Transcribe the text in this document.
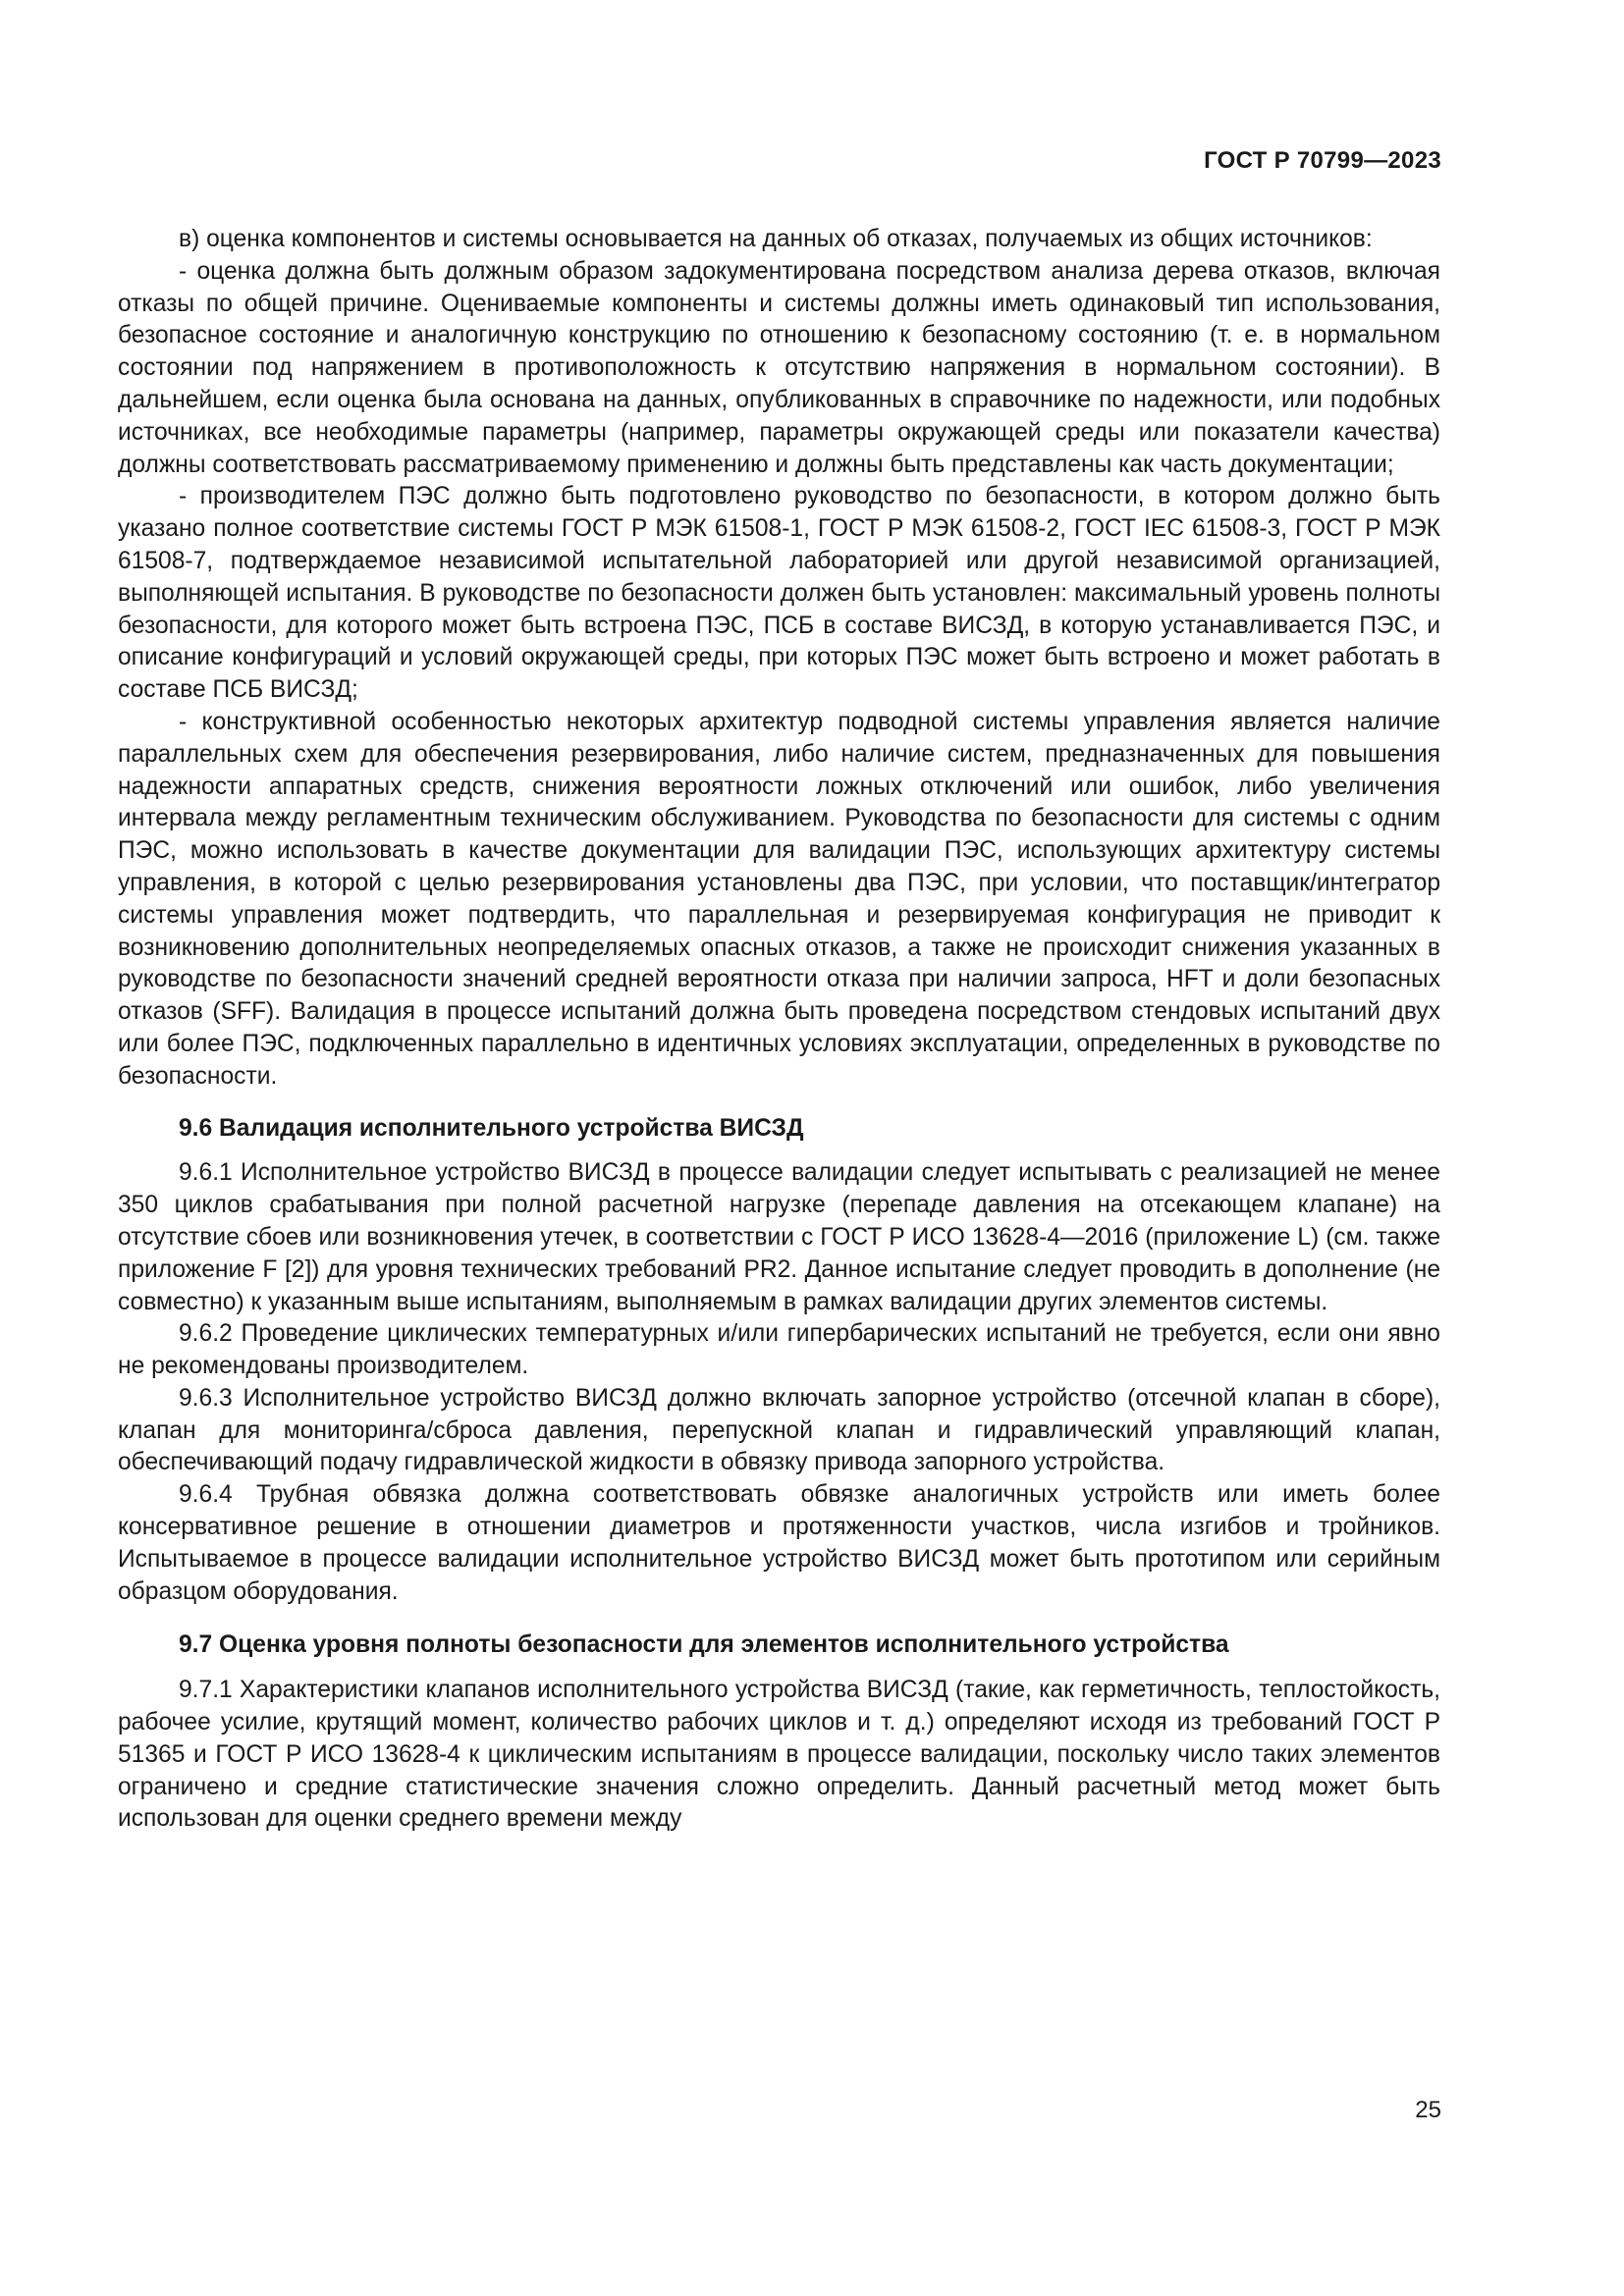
ГОСТ Р 70799—2023

в) оценка компонентов и системы основывается на данных об отказах, получаемых из общих источников:

- оценка должна быть должным образом задокументирована посредством анализа дерева отказов, включая отказы по общей причине. Оцениваемые компоненты и системы должны иметь одинаковый тип использования, безопасное состояние и аналогичную конструкцию по отношению к безопасному состоянию (т. е. в нормальном состоянии под напряжением в противоположность к отсутствию напряжения в нормальном состоянии). В дальнейшем, если оценка была основана на данных, опубликованных в справочнике по надежности, или подобных источниках, все необходимые параметры (например, параметры окружающей среды или показатели качества) должны соответствовать рассматриваемому применению и должны быть представлены как часть документации;

- производителем ПЭС должно быть подготовлено руководство по безопасности, в котором должно быть указано полное соответствие системы ГОСТ Р МЭК 61508-1, ГОСТ Р МЭК 61508-2, ГОСТ IEC 61508-3, ГОСТ Р МЭК 61508-7, подтверждаемое независимой испытательной лабораторией или другой независимой организацией, выполняющей испытания. В руководстве по безопасности должен быть установлен: максимальный уровень полноты безопасности, для которого может быть встроена ПЭС, ПСБ в составе ВИСЗД, в которую устанавливается ПЭС, и описание конфигураций и условий окружающей среды, при которых ПЭС может быть встроено и может работать в составе ПСБ ВИСЗД;

- конструктивной особенностью некоторых архитектур подводной системы управления является наличие параллельных схем для обеспечения резервирования, либо наличие систем, предназначенных для повышения надежности аппаратных средств, снижения вероятности ложных отключений или ошибок, либо увеличения интервала между регламентным техническим обслуживанием. Руководства по безопасности для системы с одним ПЭС, можно использовать в качестве документации для валидации ПЭС, использующих архитектуру системы управления, в которой с целью резервирования установлены два ПЭС, при условии, что поставщик/интегратор системы управления может подтвердить, что параллельная и резервируемая конфигурация не приводит к возникновению дополнительных неопределяемых опасных отказов, а также не происходит снижения указанных в руководстве по безопасности значений средней вероятности отказа при наличии запроса, HFT и доли безопасных отказов (SFF). Валидация в процессе испытаний должна быть проведена посредством стендовых испытаний двух или более ПЭС, подключенных параллельно в идентичных условиях эксплуатации, определенных в руководстве по безопасности.

9.6 Валидация исполнительного устройства ВИСЗД

9.6.1 Исполнительное устройство ВИСЗД в процессе валидации следует испытывать с реализацией не менее 350 циклов срабатывания при полной расчетной нагрузке (перепаде давления на отсекающем клапане) на отсутствие сбоев или возникновения утечек, в соответствии с ГОСТ Р ИСО 13628-4—2016 (приложение L) (см. также приложение F [2]) для уровня технических требований PR2. Данное испытание следует проводить в дополнение (не совместно) к указанным выше испытаниям, выполняемым в рамках валидации других элементов системы.

9.6.2 Проведение циклических температурных и/или гипербарических испытаний не требуется, если они явно не рекомендованы производителем.

9.6.3 Исполнительное устройство ВИСЗД должно включать запорное устройство (отсечной клапан в сборе), клапан для мониторинга/сброса давления, перепускной клапан и гидравлический управляющий клапан, обеспечивающий подачу гидравлической жидкости в обвязку привода запорного устройства.

9.6.4 Трубная обвязка должна соответствовать обвязке аналогичных устройств или иметь более консервативное решение в отношении диаметров и протяженности участков, числа изгибов и тройников. Испытываемое в процессе валидации исполнительное устройство ВИСЗД может быть прототипом или серийным образцом оборудования.

9.7 Оценка уровня полноты безопасности для элементов исполнительного устройства

9.7.1 Характеристики клапанов исполнительного устройства ВИСЗД (такие, как герметичность, теплостойкость, рабочее усилие, крутящий момент, количество рабочих циклов и т. д.) определяют исходя из требований ГОСТ Р 51365 и ГОСТ Р ИСО 13628-4 к циклическим испытаниям в процессе валидации, поскольку число таких элементов ограничено и средние статистические значения сложно определить. Данный расчетный метод может быть использован для оценки среднего времени между

25
